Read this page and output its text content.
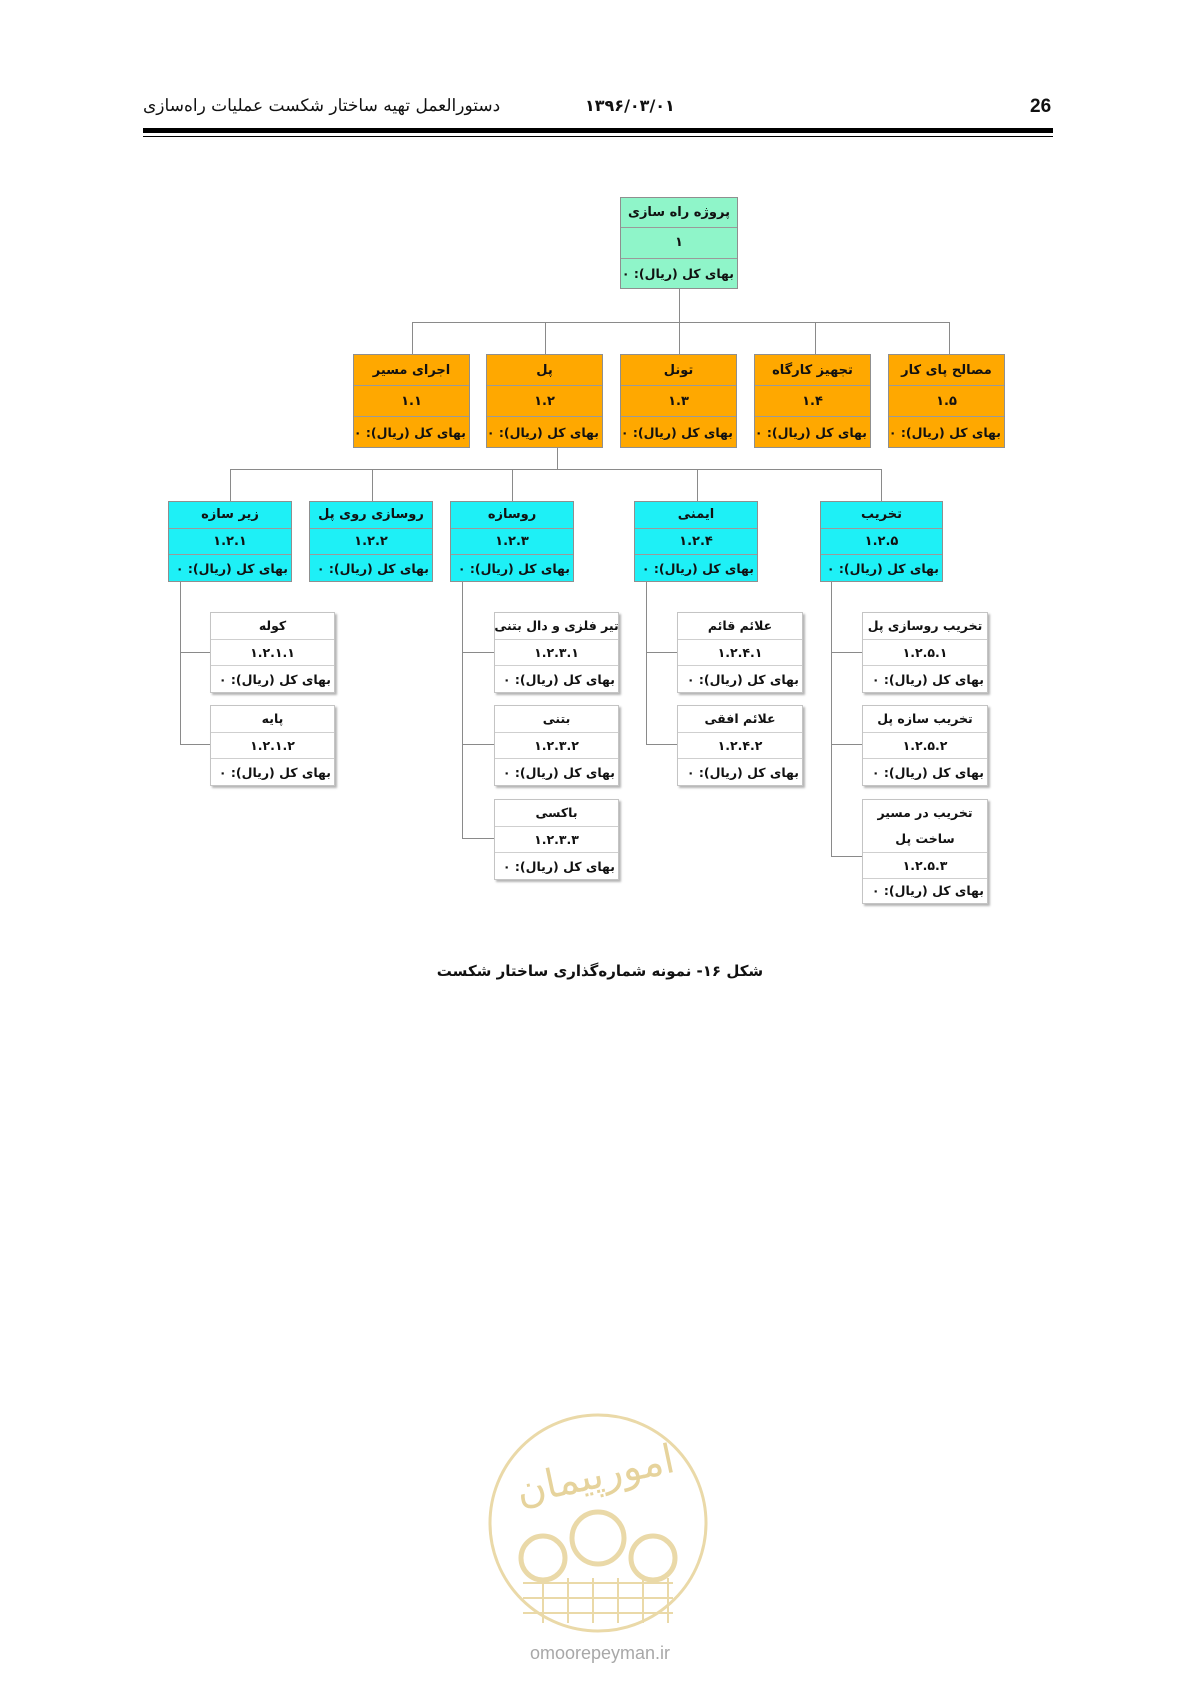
26
۱۳۹۶/۰۳/۰۱
دستورالعمل تهیه ساختار شکست عملیات راه‌سازی
پروژه راه سازی
۱
بهای کل (ریال): ۰
مصالح پای کار
۱.۵
بهای کل (ریال): ۰
تجهیز کارگاه
۱.۴
بهای کل (ریال): ۰
تونل
۱.۳
بهای کل (ریال): ۰
پل
۱.۲
بهای کل (ریال): ۰
اجرای مسیر
۱.۱
بهای کل (ریال): ۰
تخریب
۱.۲.۵
بهای کل (ریال): ۰
ایمنی
۱.۲.۴
بهای کل (ریال): ۰
روسازه
۱.۲.۳
بهای کل (ریال): ۰
روسازی روی پل
۱.۲.۲
بهای کل (ریال): ۰
زیر سازه
۱.۲.۱
بهای کل (ریال): ۰
کوله
۱.۲.۱.۱
بهای کل (ریال): ۰
پایه
۱.۲.۱.۲
بهای کل (ریال): ۰
تیر فلزی و دال بتنی
۱.۲.۳.۱
بهای کل (ریال): ۰
بتنی
۱.۲.۳.۲
بهای کل (ریال): ۰
باکسی
۱.۲.۳.۳
بهای کل (ریال): ۰
علائم قائم
۱.۲.۴.۱
بهای کل (ریال): ۰
علائم افقی
۱.۲.۴.۲
بهای کل (ریال): ۰
تخریب روسازی پل
۱.۲.۵.۱
بهای کل (ریال): ۰
تخریب سازه پل
۱.۲.۵.۲
بهای کل (ریال): ۰
تخریب در مسیر ساخت پل
۱.۲.۵.۳
بهای کل (ریال): ۰
شکل ۱۶- نمونه شماره‌گذاری ساختار شکست
امورپیمان
omoorepeyman.ir
